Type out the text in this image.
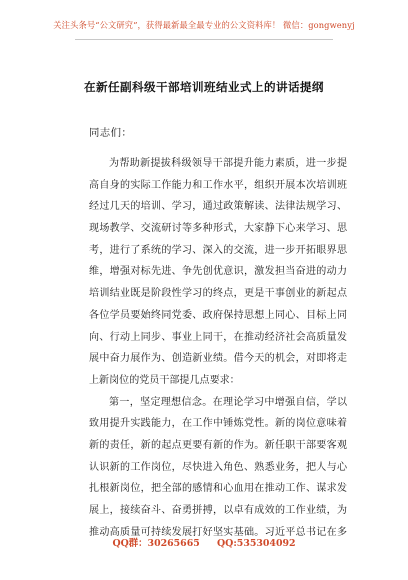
关注头条号“公文研究”，获得最新最全最专业的公文资料库！ 微信：gongwenyj
在新任副科级干部培训班结业式上的讲话提纲
同志们：
为帮助新提拔科级领导干部提升能力素质，进一步提
高自身的实际工作能力和工作水平，组织开展本次培训班
经过几天的培训、学习，通过政策解读、法律法规学习、
现场教学、交流研讨等多种形式，大家静下心来学习、思
考，进行了系统的学习、深入的交流，进一步开拓眼界思
维，增强对标先进、争先创优意识，激发担当奋进的动力
培训结业既是阶段性学习的终点，更是干事创业的新起点
各位学员要始终同党委、政府保持思想上同心、目标上同
向、行动上同步、事业上同干，在推动经济社会高质量发
展中奋力展作为、创造新业绩。借今天的机会，对即将走
上新岗位的党员干部提几点要求：
第一，坚定理想信念。在理论学习中增强自信，学以
致用提升实践能力，在工作中锤炼党性。新的岗位意味着
新的责任，新的起点更要有新的作为。新任职干部要客观
认识新的工作岗位，尽快进入角色、熟悉业务，把人与心
扎根新岗位，把全部的感情和心血用在推动工作、谋求发
展上，接续奋斗、奋勇拼搏，以卓有成效的工作业绩，为
推动高质量可持续发展打好坚实基础。习近平总书记在多
QQ群：30265665 QQ:535304092
